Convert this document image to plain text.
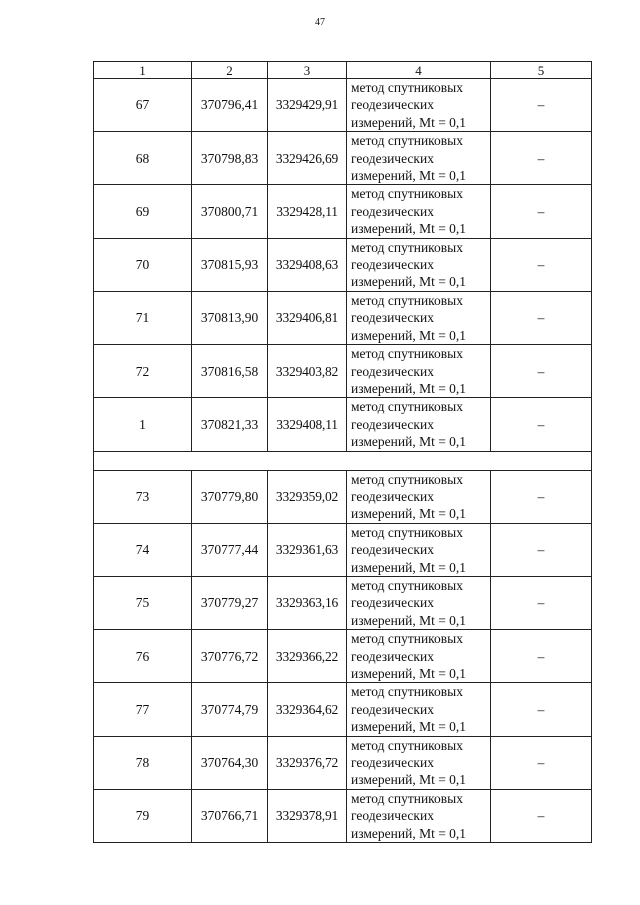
47
1	2	3	4	5
67	370796,41	3329429,91	метод спутниковых
геодезических
измерений, Mt = 0,1	–
68	370798,83	3329426,69	метод спутниковых
геодезических
измерений, Mt = 0,1	–
69	370800,71	3329428,11	метод спутниковых
геодезических
измерений, Mt = 0,1	–
70	370815,93	3329408,63	метод спутниковых
геодезических
измерений, Mt = 0,1	–
71	370813,90	3329406,81	метод спутниковых
геодезических
измерений, Mt = 0,1	–
72	370816,58	3329403,82	метод спутниковых
геодезических
измерений, Mt = 0,1	–
1	370821,33	3329408,11	метод спутниковых
геодезических
измерений, Mt = 0,1	–

73	370779,80	3329359,02	метод спутниковых
геодезических
измерений, Mt = 0,1	–
74	370777,44	3329361,63	метод спутниковых
геодезических
измерений, Mt = 0,1	–
75	370779,27	3329363,16	метод спутниковых
геодезических
измерений, Mt = 0,1	–
76	370776,72	3329366,22	метод спутниковых
геодезических
измерений, Mt = 0,1	–
77	370774,79	3329364,62	метод спутниковых
геодезических
измерений, Mt = 0,1	–
78	370764,30	3329376,72	метод спутниковых
геодезических
измерений, Mt = 0,1	–
79	370766,71	3329378,91	метод спутниковых
геодезических
измерений, Mt = 0,1	–
